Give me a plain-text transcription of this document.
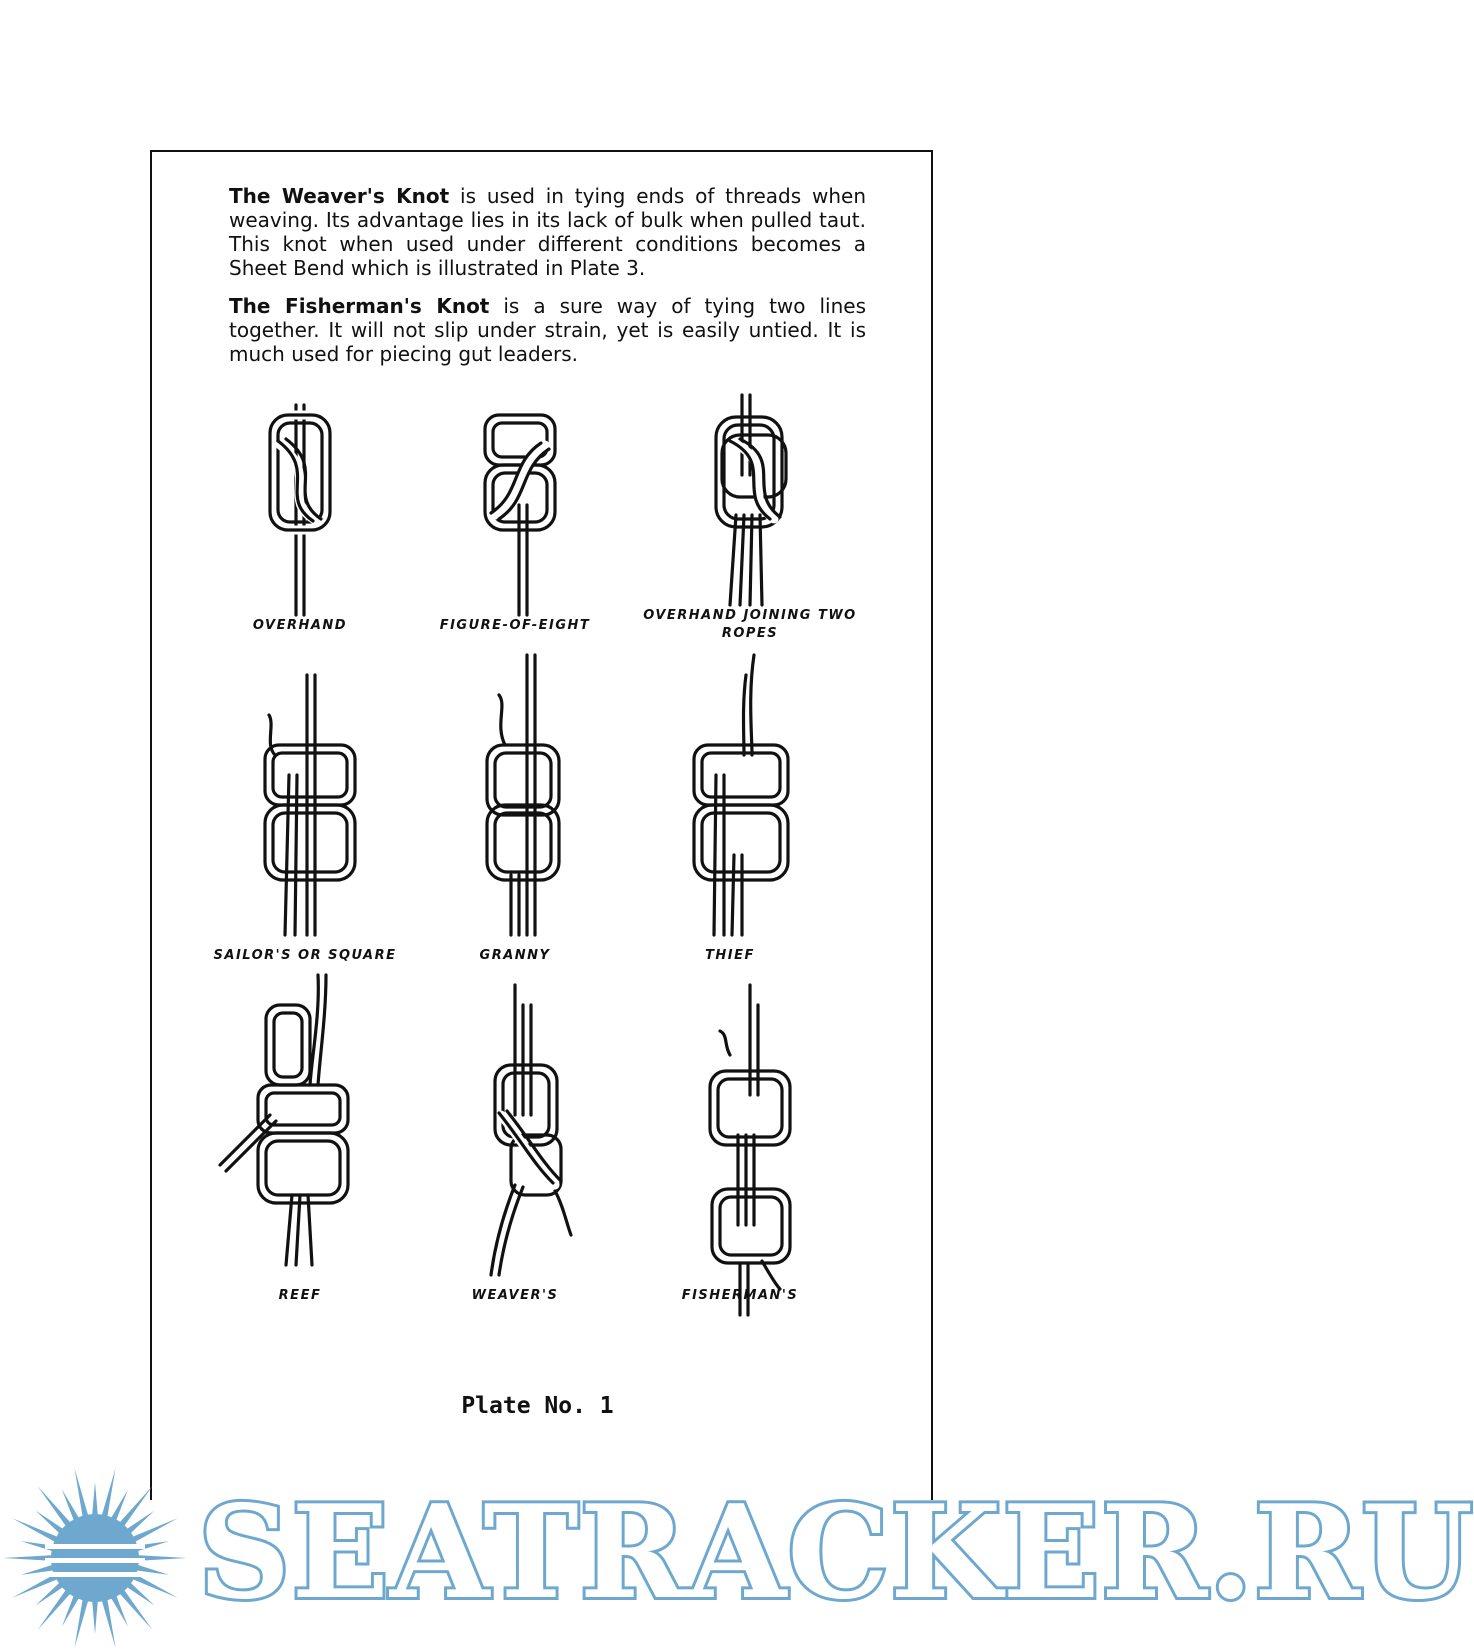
The Weaver's Knot is used in tying ends of threads when weaving. Its advantage lies in its lack of bulk when pulled taut. This knot when used under different conditions becomes a Sheet Bend which is illustrated in Plate 3.

The Fisherman's Knot is a sure way of tying two lines together. It will not slip under strain, yet is easily untied. It is much used for piecing gut leaders.

OVERHAND	FIGURE-OF-EIGHT
OVERHAND JOINING TWO ROPES
SAILOR'S OR SQUARE	GRANNY	THIEF
REEF	WEAVER'S	FISHERMAN'S
Plate No. 1
SEATRACKER.RU
